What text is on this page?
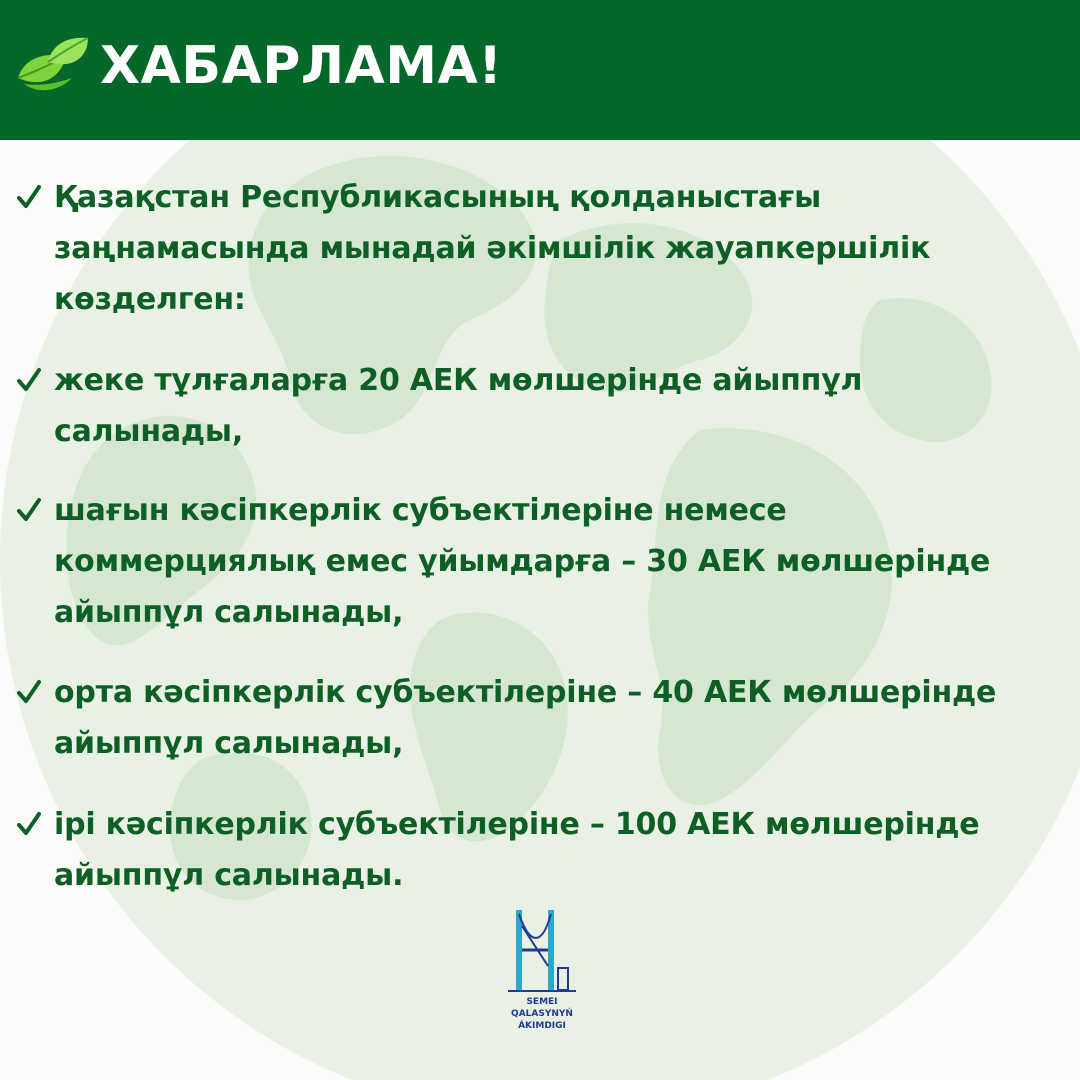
ХАБАРЛАМА!
Қазақстан Республикасының қолданыстағы
заңнамасында мынадай әкімшілік жауапкершілік
көзделген:
жеке тұлғаларға 20 АЕК мөлшерінде айыппұл
салынады,
шағын кәсіпкерлік субъектілеріне немесе
коммерциялық емес ұйымдарға – 30 АЕК мөлшерінде
айыппұл салынады,
орта кәсіпкерлік субъектілеріне – 40 АЕК мөлшерінде
айыппұл салынады,
ірі кәсіпкерлік субъектілеріне – 100 АЕК мөлшерінде
айыппұл салынады.
SEMEI
QALASYNYŃ
ÁKIMDIGI
